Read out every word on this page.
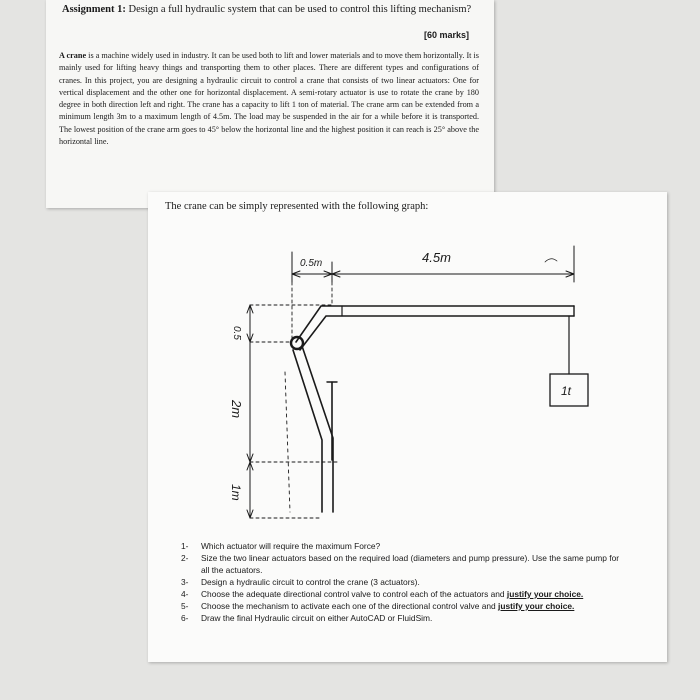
Assignment 1: Design a full hydraulic system that can be used to control this lifting mechanism?
[60 marks]

A crane is a machine widely used in industry. It can be used both to lift and lower materials and to move them horizontally. It is mainly used for lifting heavy things and transporting them to other places. There are different types and configurations of cranes. In this project, you are designing a hydraulic circuit to control a crane that consists of two linear actuators: One for vertical displacement and the other one for horizontal displacement. A semi-rotary actuator is use to rotate the crane by 180 degree in both direction left and right. The crane has a capacity to lift 1 ton of material. The crane arm can be extended from a minimum length 3m to a maximum length of 4.5m. The load may be suspended in the air for a while before it is transported. The lowest position of the crane arm goes to 45° below the horizontal line and the highest position it can reach is 25° above the horizontal line.

The crane can be simply represented with the following graph:
0.5m	4.5m
0.5
2m
1m
1t
1-	Which actuator will require the maximum Force?
2-	Size the two linear actuators based on the required load (diameters and pump pressure). Use the same pump for all the actuators.
3-	Design a hydraulic circuit to control the crane (3 actuators).
4-	Choose the adequate directional control valve to control each of the actuators and justify your choice.
5-	Choose the mechanism to activate each one of the directional control valve and justify your choice.
6-	Draw the final Hydraulic circuit on either AutoCAD or FluidSim.
